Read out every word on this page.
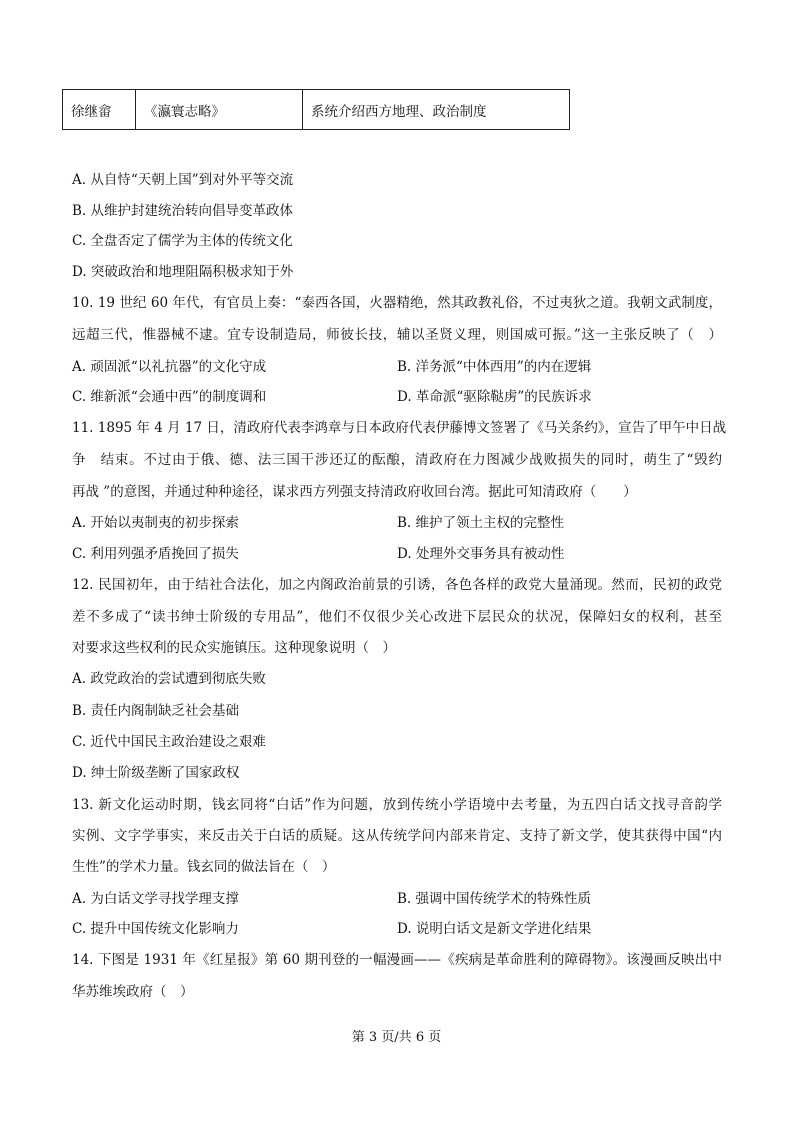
徐继畲	《瀛寰志略》	系统介绍西方地理、政治制度
A. 从自恃“天朝上国”到对外平等交流
B. 从维护封建统治转向倡导变革政体
C. 全盘否定了儒学为主体的传统文化
D. 突破政治和地理阻隔积极求知于外
10. 19 世纪 60 年代，有官员上奏：“泰西各国，火器精绝，然其政教礼俗，不过夷狄之道。我朝文武制度，
远超三代，惟器械不逮。宜专设制造局，师彼长技，辅以圣贤义理，则国威可振。”这一主张反映了（　）
A. 顽固派“以礼抗器”的文化守成	B. 洋务派“中体西用”的内在逻辑
C. 维新派“会通中西”的制度调和	D. 革命派“驱除鞑虏”的民族诉求
11. 1895 年 4 月 17 日，清政府代表李鸿章与日本政府代表伊藤博文签署了《马关条约》，宣告了甲午中日战
争　结束。不过由于俄、德、法三国干涉还辽的酝酿，清政府在力图减少战败损失的同时，萌生了“毁约
再战 ”的意图，并通过种种途径，谋求西方列强支持清政府收回台湾。据此可知清政府（　　）
A. 开始以夷制夷的初步探索	B. 维护了领土主权的完整性
C. 利用列强矛盾挽回了损失	D. 处理外交事务具有被动性
12. 民国初年，由于结社合法化，加之内阁政治前景的引诱，各色各样的政党大量涌现。然而，民初的政党
差不多成了“读书绅士阶级的专用品”，他们不仅很少关心改进下层民众的状况，保障妇女的权利，甚至
对要求这些权利的民众实施镇压。这种现象说明（　）
A. 政党政治的尝试遭到彻底失败
B. 责任内阁制缺乏社会基础
C. 近代中国民主政治建设之艰难
D. 绅士阶级垄断了国家政权
13. 新文化运动时期，钱玄同将“白话”作为问题，放到传统小学语境中去考量，为五四白话文找寻音韵学
实例、文字学事实，来反击关于白话的质疑。这从传统学问内部来肯定、支持了新文学，使其获得中国“内
生性”的学术力量。钱玄同的做法旨在（　）
A. 为白话文学寻找学理支撑	B. 强调中国传统学术的特殊性质
C. 提升中国传统文化影响力	D. 说明白话文是新文学进化结果
14. 下图是 1931 年《红星报》第 60 期刊登的一幅漫画——《疾病是革命胜利的障碍物》。该漫画反映出中
华苏维埃政府（　）
第 3 页/共 6 页
